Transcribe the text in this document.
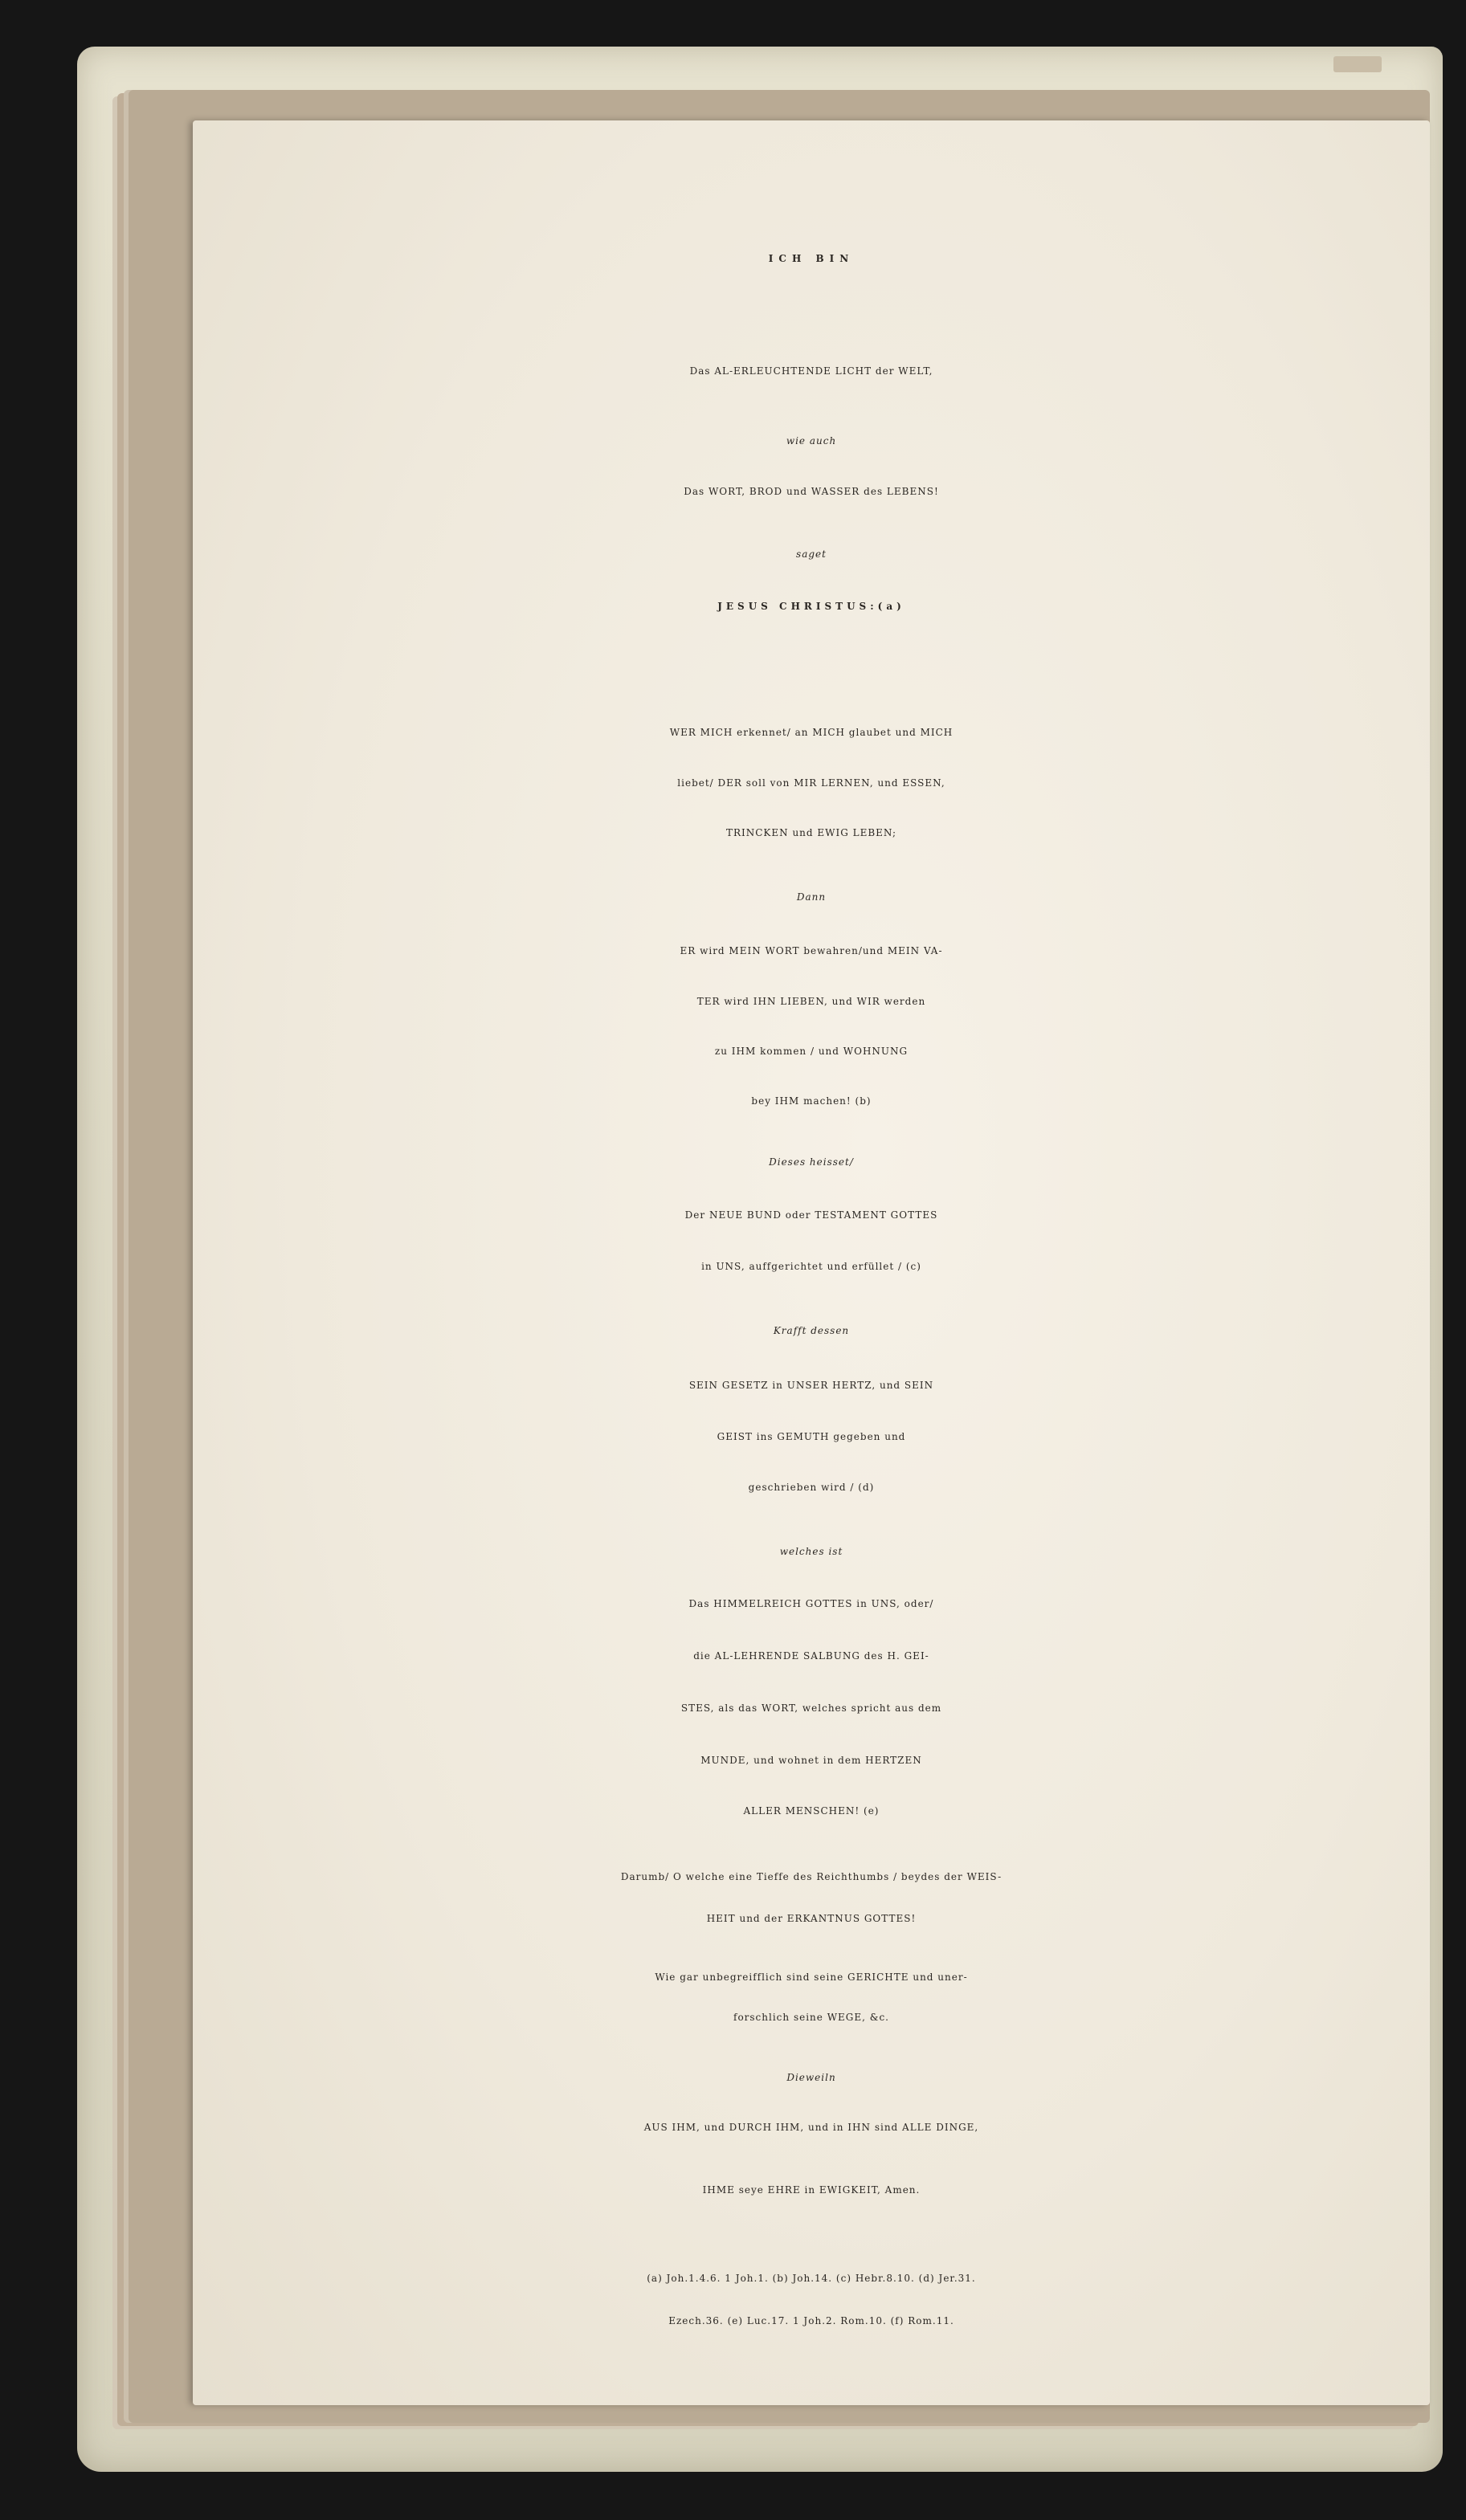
ICH BIN
Das AL-ERLEUCHTENDE LICHT der WELT,
wie auch
Das WORT, BROD und WASSER des LEBENS!
saget
JESUS CHRISTUS:(a)
WER MICH erkennet/ an MICH glaubet und MICH
liebet/ DER soll von MIR LERNEN, und ESSEN,
TRINCKEN und EWIG LEBEN;
Dann
ER wird MEIN WORT bewahren/und MEIN VA-
TER wird IHN LIEBEN, und WIR werden
zu IHM kommen / und WOHNUNG
bey IHM machen! (b)
Dieses heisset/
Der NEUE BUND oder TESTAMENT GOTTES
in UNS, auffgerichtet und erfüllet / (c)
Krafft dessen
SEIN GESETZ in UNSER HERTZ, und SEIN
GEIST ins GEMUTH gegeben und
geschrieben wird / (d)
welches ist
Das HIMMELREICH GOTTES in UNS, oder/
die AL-LEHRENDE SALBUNG des H. GEI-
STES, als das WORT, welches spricht aus dem
MUNDE, und wohnet in dem HERTZEN
ALLER MENSCHEN! (e)
Darumb/ O welche eine Tieffe des Reichthumbs / beydes der WEIS-
HEIT und der ERKANTNUS GOTTES!
Wie gar unbegreifflich sind seine GERICHTE und uner-
forschlich seine WEGE, &c.
Dieweiln
AUS IHM, und DURCH IHM, und in IHN sind ALLE DINGE,
IHME seye EHRE in EWIGKEIT, Amen.
(a) Joh.1.4.6. 1 Joh.1. (b) Joh.14. (c) Hebr.8.10. (d) Jer.31.
Ezech.36. (e) Luc.17. 1 Joh.2. Rom.10. (f) Rom.11.
